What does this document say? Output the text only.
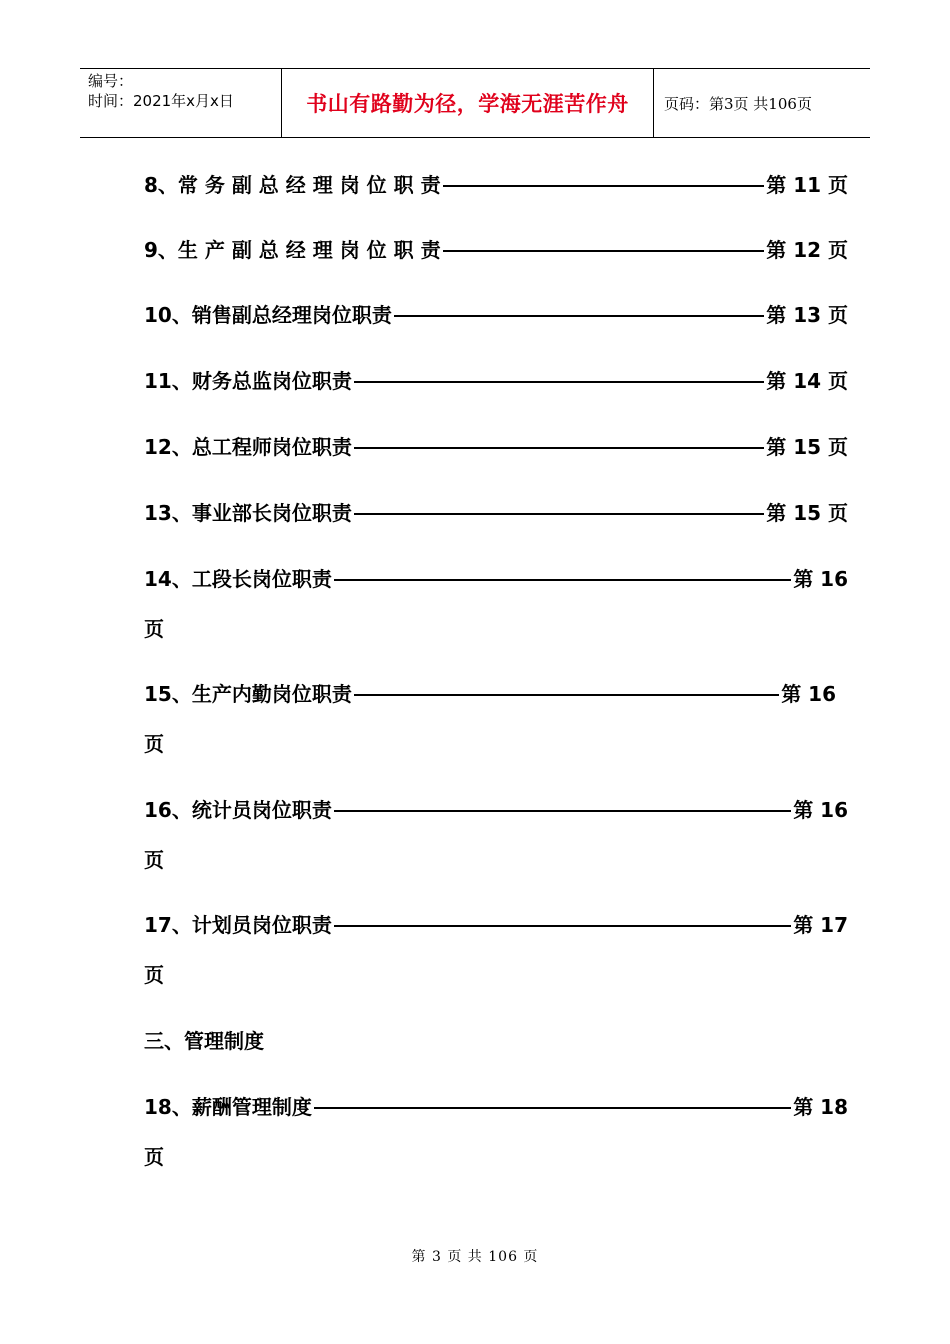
编号：
时间：2021年x月x日	书山有路勤为径，学海无涯苦作舟 页码：第3页 共106页
8、常 务 副 总 经 理 岗 位 职 责	第 11 页
9、生 产 副 总 经 理 岗 位 职 责	第 12 页
10、销售副总经理岗位职责	第 13 页
11、财务总监岗位职责	第 14 页
12、总工程师岗位职责	第 15 页
13、事业部长岗位职责	第 15 页
14、工段长岗位职责	第 16
页
15、生产内勤岗位职责	第 16
页
16、统计员岗位职责	第 16
页
17、计划员岗位职责	第 17
页
三、管理制度
18、薪酬管理制度	第 18
页
第 3 页 共 106 页
